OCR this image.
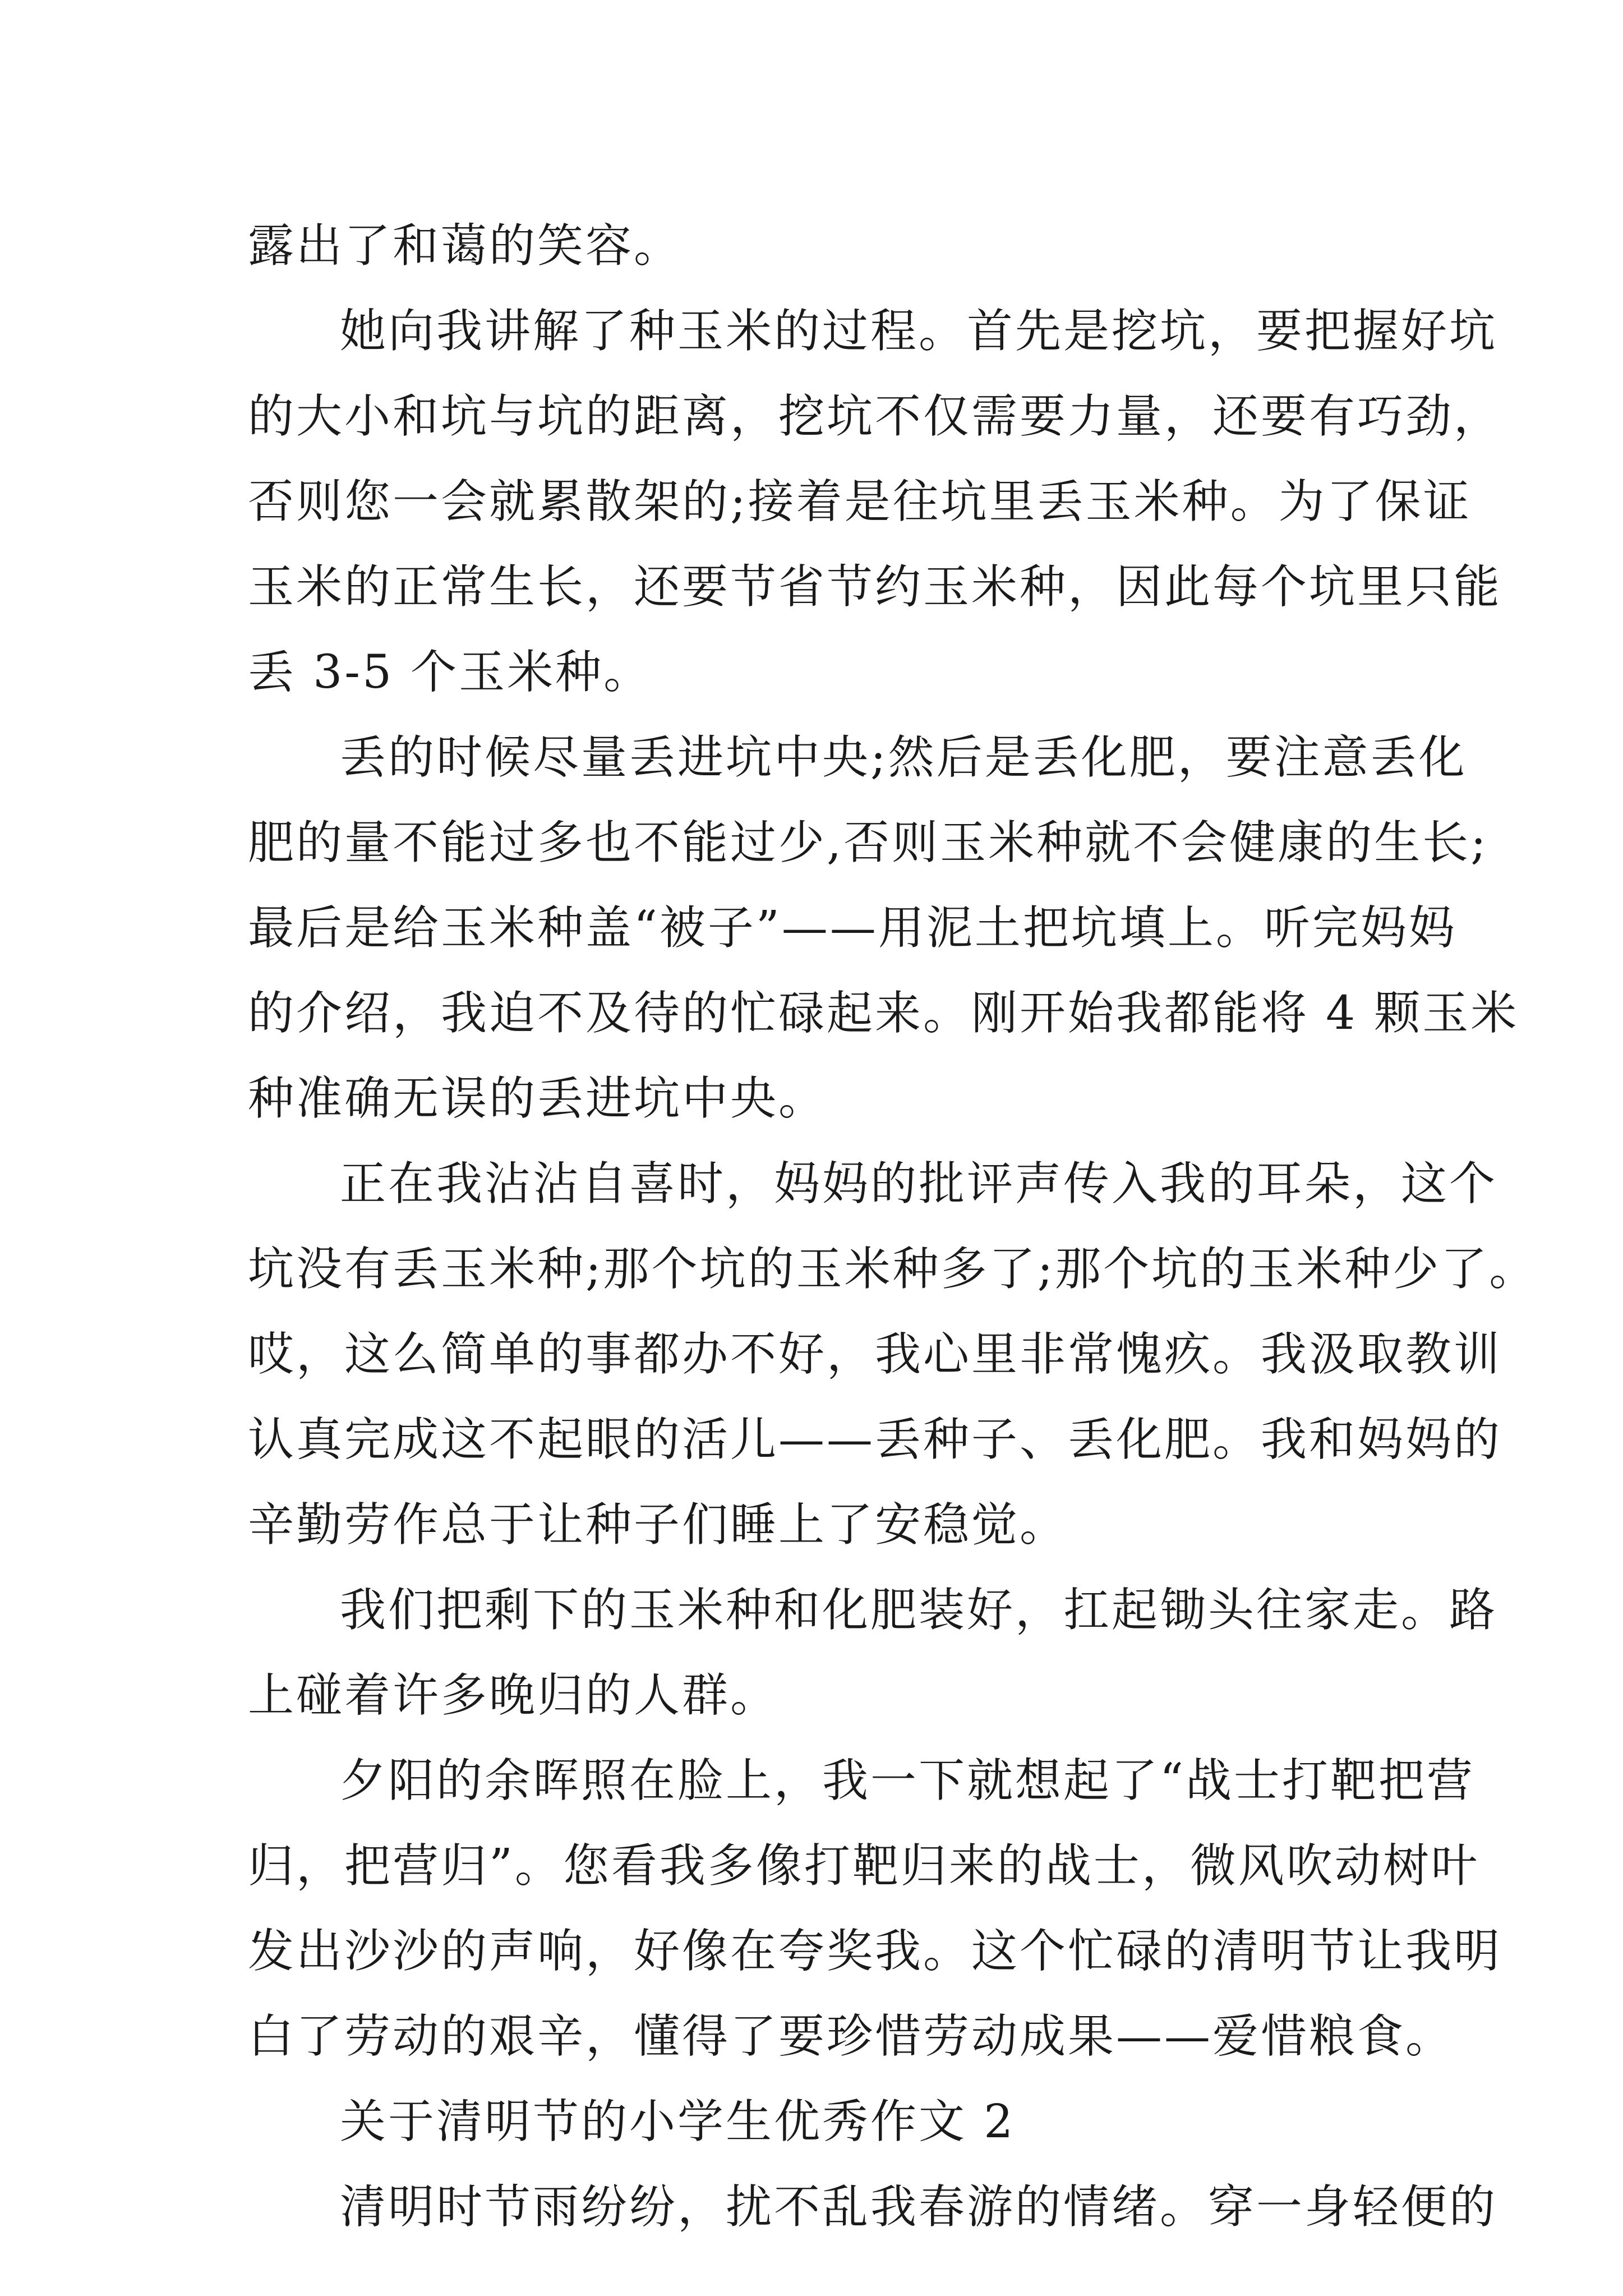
露出了和蔼的笑容。
她向我讲解了种玉米的过程。首先是挖坑，要把握好坑
的大小和坑与坑的距离，挖坑不仅需要力量，还要有巧劲，
否则您一会就累散架的;接着是往坑里丢玉米种。为了保证
玉米的正常生长，还要节省节约玉米种，因此每个坑里只能
丢 3-5 个玉米种。
丢的时候尽量丢进坑中央;然后是丢化肥，要注意丢化
肥的量不能过多也不能过少,否则玉米种就不会健康的生长;
最后是给玉米种盖“被子”——用泥土把坑填上。听完妈妈
的介绍，我迫不及待的忙碌起来。刚开始我都能将 4 颗玉米
种准确无误的丢进坑中央。
正在我沾沾自喜时，妈妈的批评声传入我的耳朵，这个
坑没有丢玉米种;那个坑的玉米种多了;那个坑的玉米种少了。
哎，这么简单的事都办不好，我心里非常愧疚。我汲取教训
认真完成这不起眼的活儿——丢种子、丢化肥。我和妈妈的
辛勤劳作总于让种子们睡上了安稳觉。
我们把剩下的玉米种和化肥装好，扛起锄头往家走。路
上碰着许多晚归的人群。
夕阳的余晖照在脸上，我一下就想起了“战士打靶把营
归，把营归”。您看我多像打靶归来的战士，微风吹动树叶
发出沙沙的声响，好像在夸奖我。这个忙碌的清明节让我明
白了劳动的艰辛，懂得了要珍惜劳动成果——爱惜粮食。
关于清明节的小学生优秀作文 2
清明时节雨纷纷，扰不乱我春游的情绪。穿一身轻便的
